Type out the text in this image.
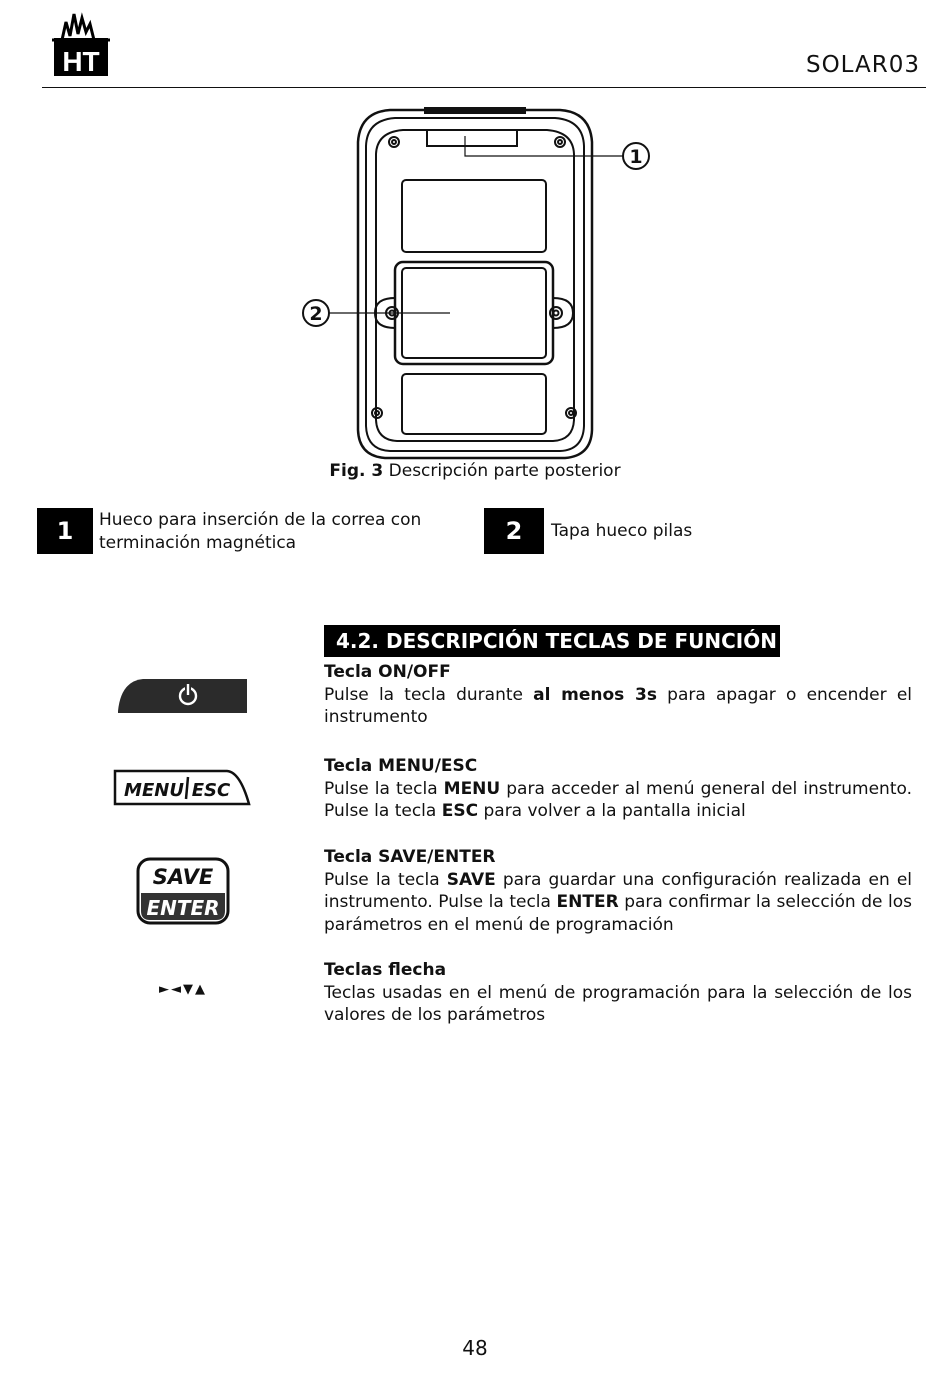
HT	SOLAR03
1
2
Fig. 3 Descripción parte posterior
1	Hueco para inserción de la correa con terminación magnética	2	Tapa hueco pilas
4.2. DESCRIPCIÓN TECLAS DE FUNCIÓN
MENU ESC
SAVE
ENTER
►◄▼▲
Tecla ON/OFF
Pulse la tecla durante al menos 3s para apagar o encender el instrumento
Tecla MENU/ESC
Pulse la tecla MENU para acceder al menú general del instrumento. Pulse la tecla ESC para volver a la pantalla inicial
Tecla SAVE/ENTER
Pulse la tecla SAVE para guardar una configuración realizada en el instrumento. Pulse la tecla ENTER para confirmar la selección de los parámetros en el menú de programación
Teclas flecha
Teclas usadas en el menú de programación para la selección de los valores de los parámetros
48
